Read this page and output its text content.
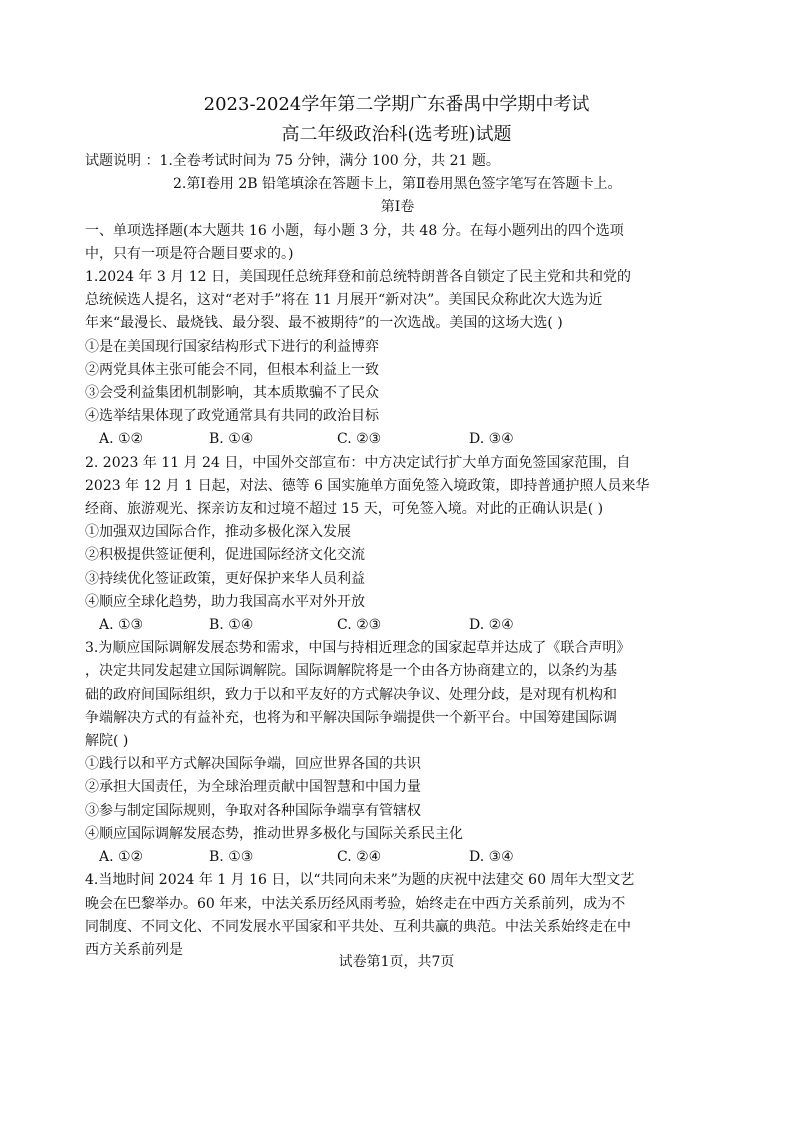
2023-2024学年第二学期广东番禺中学期中考试
高二年级政治科(选考班)试题
试题说明 ：1.全卷考试时间为 75 分钟，满分 100 分，共 21 题。
2.第Ⅰ卷用 2B 铅笔填涂在答题卡上，第Ⅱ卷用黑色签字笔写在答题卡上。
第Ⅰ卷
一、单项选择题(本大题共 16 小题，每小题 3 分，共 48 分。在每小题列出的四个选项
中，只有一项是符合题目要求的。)
1.2024 年 3 月 12 日，美国现任总统拜登和前总统特朗普各自锁定了民主党和共和党的
总统候选人提名，这对“老对手”将在 11 月展开“新对决”。美国民众称此次大选为近
年来“最漫长、最烧钱、最分裂、最不被期待”的一次选战。美国的这场大选( )
①是在美国现行国家结构形式下进行的利益博弈
②两党具体主张可能会不同，但根本利益上一致
③会受利益集团机制影响，其本质欺骗不了民众
④选举结果体现了政党通常具有共同的政治目标
A. ①②	B. ①④	C. ②③	D. ③④
2. 2023 年 11 月 24 日，中国外交部宣布：中方决定试行扩大单方面免签国家范围，自
2023 年 12 月 1 日起，对法、德等 6 国实施单方面免签入境政策，即持普通护照人员来华
经商、旅游观光、探亲访友和过境不超过 15 天，可免签入境。对此的正确认识是( )
①加强双边国际合作，推动多极化深入发展
②积极提供签证便利，促进国际经济文化交流
③持续优化签证政策，更好保护来华人员利益
④顺应全球化趋势，助力我国高水平对外开放
A. ①③	B. ①④	C. ②③	D. ②④
3.为顺应国际调解发展态势和需求，中国与持相近理念的国家起草并达成了《联合声明》
，决定共同发起建立国际调解院。国际调解院将是一个由各方协商建立的，以条约为基
础的政府间国际组织，致力于以和平友好的方式解决争议、处理分歧，是对现有机构和
争端解决方式的有益补充，也将为和平解决国际争端提供一个新平台。中国筹建国际调
解院( )
①践行以和平方式解决国际争端，回应世界各国的共识
②承担大国责任，为全球治理贡献中国智慧和中国力量
③参与制定国际规则，争取对各种国际争端享有管辖权
④顺应国际调解发展态势，推动世界多极化与国际关系民主化
A. ①②	B. ①③	C. ②④	D. ③④
4.当地时间 2024 年 1 月 16 日，以“共同向未来”为题的庆祝中法建交 60 周年大型文艺
晚会在巴黎举办。60 年来，中法关系历经风雨考验，始终走在中西方关系前列，成为不
同制度、不同文化、不同发展水平国家和平共处、互利共赢的典范。中法关系始终走在中
西方关系前列是
试卷第1页，共7页
